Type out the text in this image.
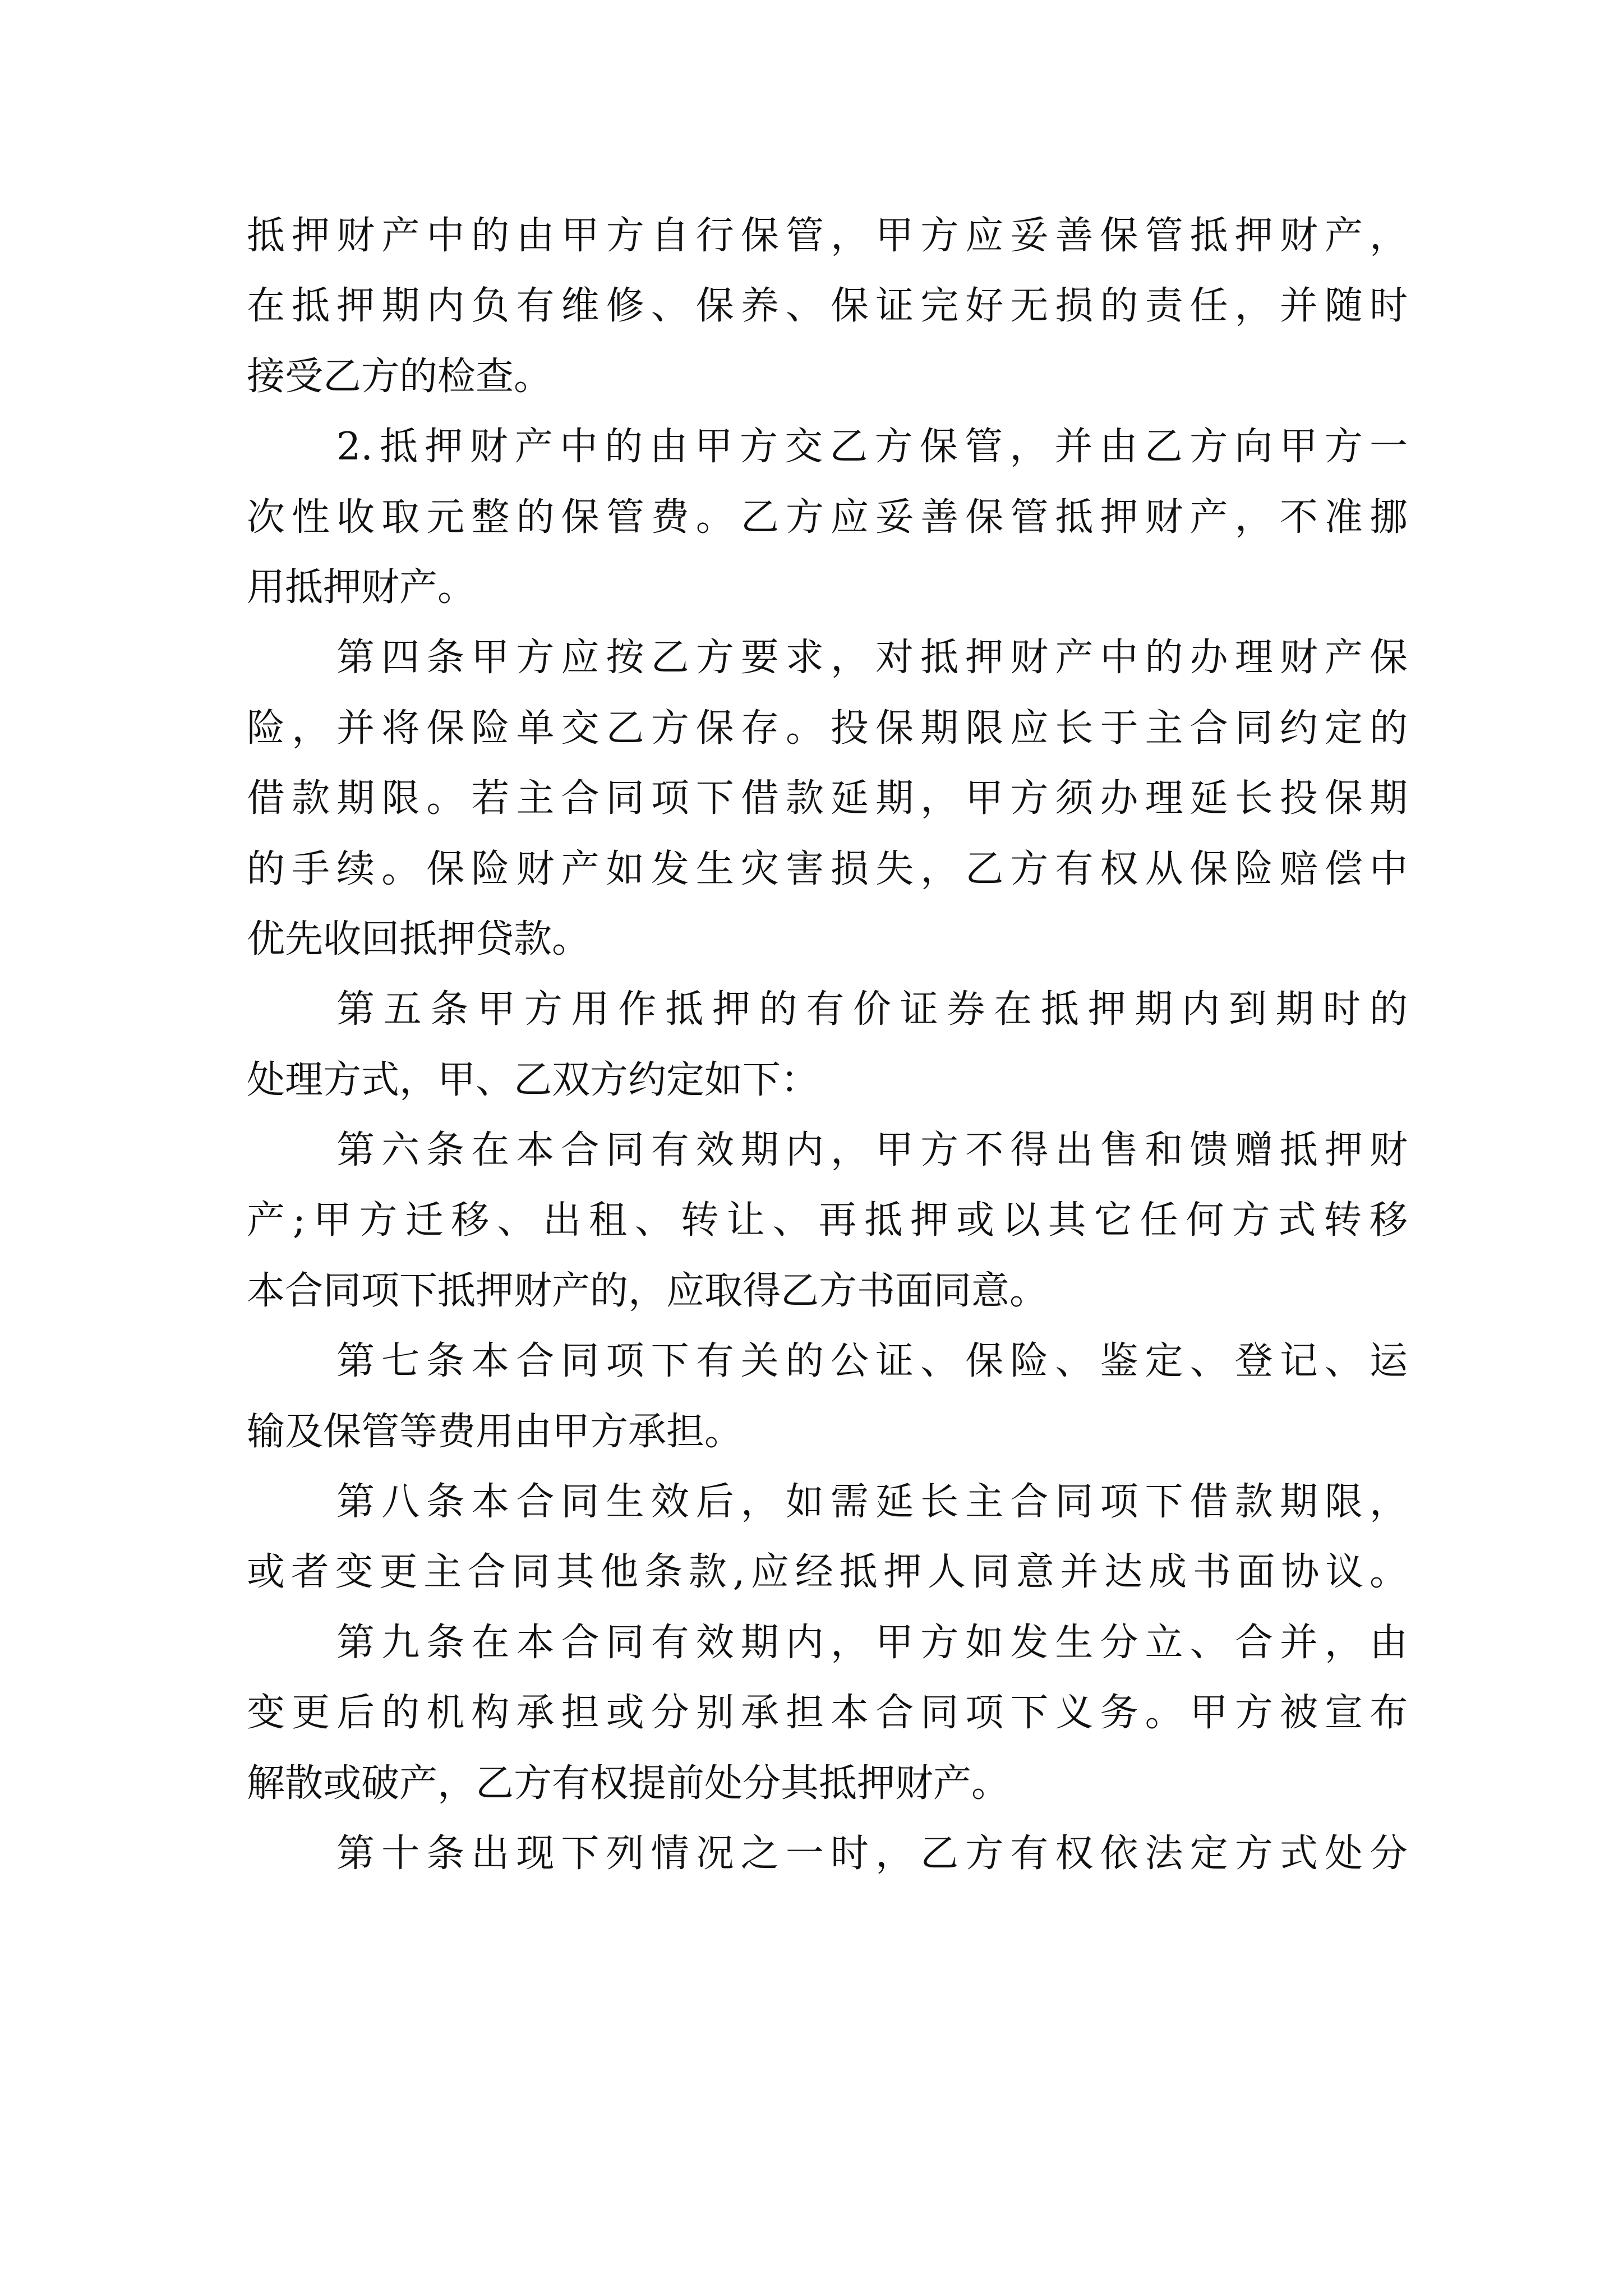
抵押财产中的由甲方自行保管，甲方应妥善保管抵押财产，
在抵押期内负有维修、保养、保证完好无损的责任，并随时
接受乙方的检查。
2.抵押财产中的由甲方交乙方保管，并由乙方向甲方一
次性收取元整的保管费。乙方应妥善保管抵押财产，不准挪
用抵押财产。
第四条甲方应按乙方要求，对抵押财产中的办理财产保
险，并将保险单交乙方保存。投保期限应长于主合同约定的
借款期限。若主合同项下借款延期，甲方须办理延长投保期
的手续。保险财产如发生灾害损失，乙方有权从保险赔偿中
优先收回抵押贷款。
第五条甲方用作抵押的有价证券在抵押期内到期时的
处理方式，甲、乙双方约定如下：
第六条在本合同有效期内，甲方不得出售和馈赠抵押财
产;甲方迁移、出租、转让、再抵押或以其它任何方式转移
本合同项下抵押财产的，应取得乙方书面同意。
第七条本合同项下有关的公证、保险、鉴定、登记、运
输及保管等费用由甲方承担。
第八条本合同生效后，如需延长主合同项下借款期限，
或者变更主合同其他条款,应经抵押人同意并达成书面协议。
第九条在本合同有效期内，甲方如发生分立、合并，由
变更后的机构承担或分别承担本合同项下义务。甲方被宣布
解散或破产，乙方有权提前处分其抵押财产。
第十条出现下列情况之一时，乙方有权依法定方式处分
